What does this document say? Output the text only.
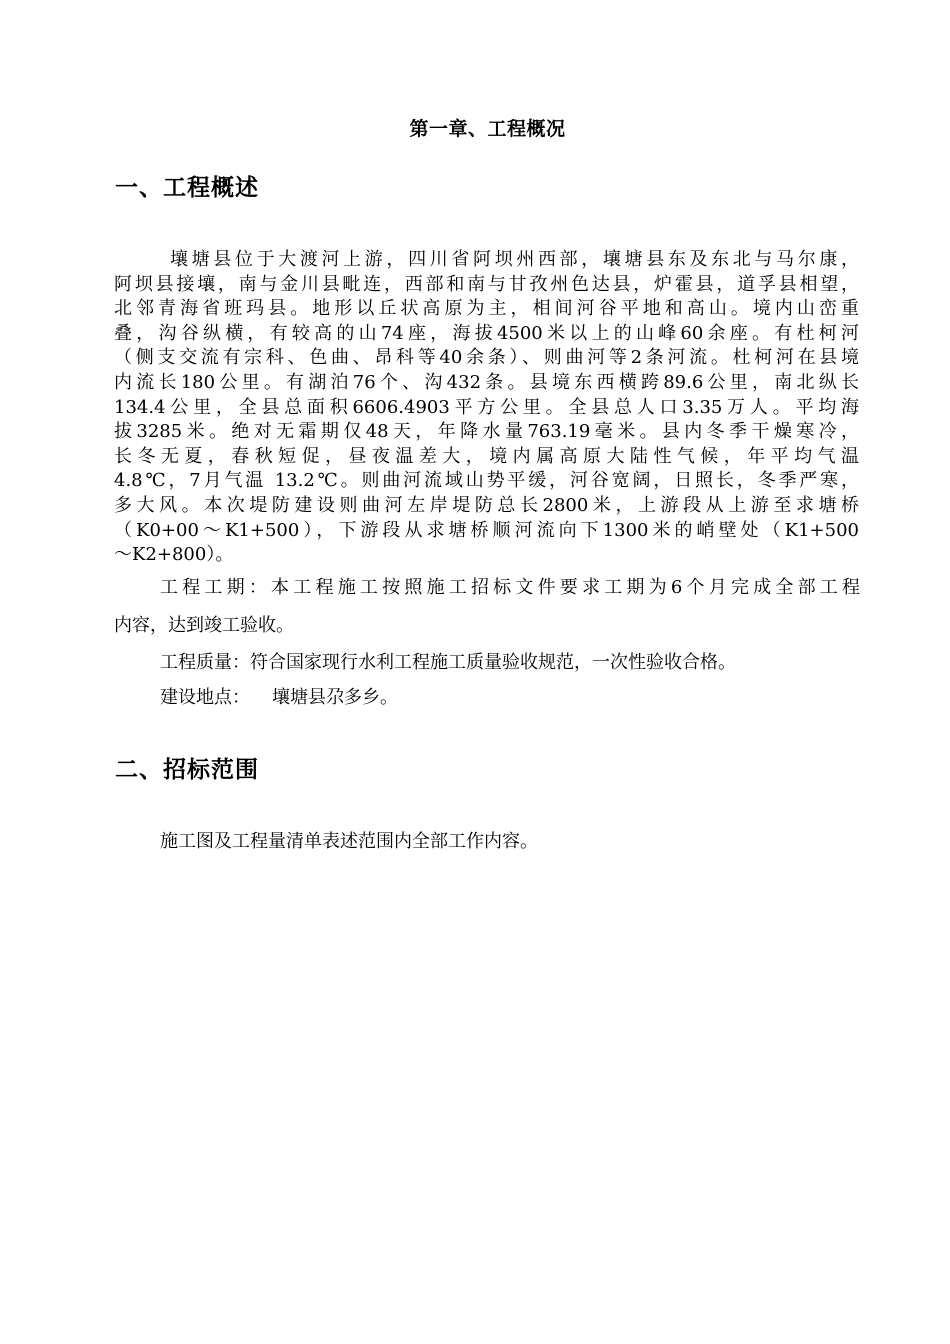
第一章、工程概况
一、工程概述
壤塘县位于大渡河上游，四川省阿坝州西部，壤塘县东及东北与马尔康，
阿坝县接壤，南与金川县毗连，西部和南与甘孜州色达县，炉霍县，道孚县相望，
北邻青海省班玛县。地形以丘状高原为主，相间河谷平地和高山。境内山峦重
叠，沟谷纵横，有较高的山74座，海拔4500米以上的山峰60余座。有杜柯河
（侧支交流有宗科、色曲、昂科等40余条）、则曲河等2条河流。杜柯河在县境
内流长180公里。有湖泊76个、沟432条。县境东西横跨89.6公里，南北纵长
134.4公里，全县总面积6606.4903平方公里。全县总人口3.35万人。平均海
拔3285米。绝对无霜期仅48天，年降水量763.19毫米。县内冬季干燥寒冷，
长冬无夏，春秋短促，昼夜温差大，境内属高原大陆性气候，年平均气温
4.8℃，7月气温 13.2℃。则曲河流域山势平缓，河谷宽阔，日照长，冬季严寒，
多大风。本次堤防建设则曲河左岸堤防总长2800米，上游段从上游至求塘桥
（K0+00～K1+500），下游段从求塘桥顺河流向下1300米的峭壁处（K1+500
～K2+800）。
工程工期：本工程施工按照施工招标文件要求工期为6个月完成全部工程
内容，达到竣工验收。
工程质量：符合国家现行水利工程施工质量验收规范，一次性验收合格。
建设地点： 壤塘县尕多乡。
二、招标范围
施工图及工程量清单表述范围内全部工作内容。
